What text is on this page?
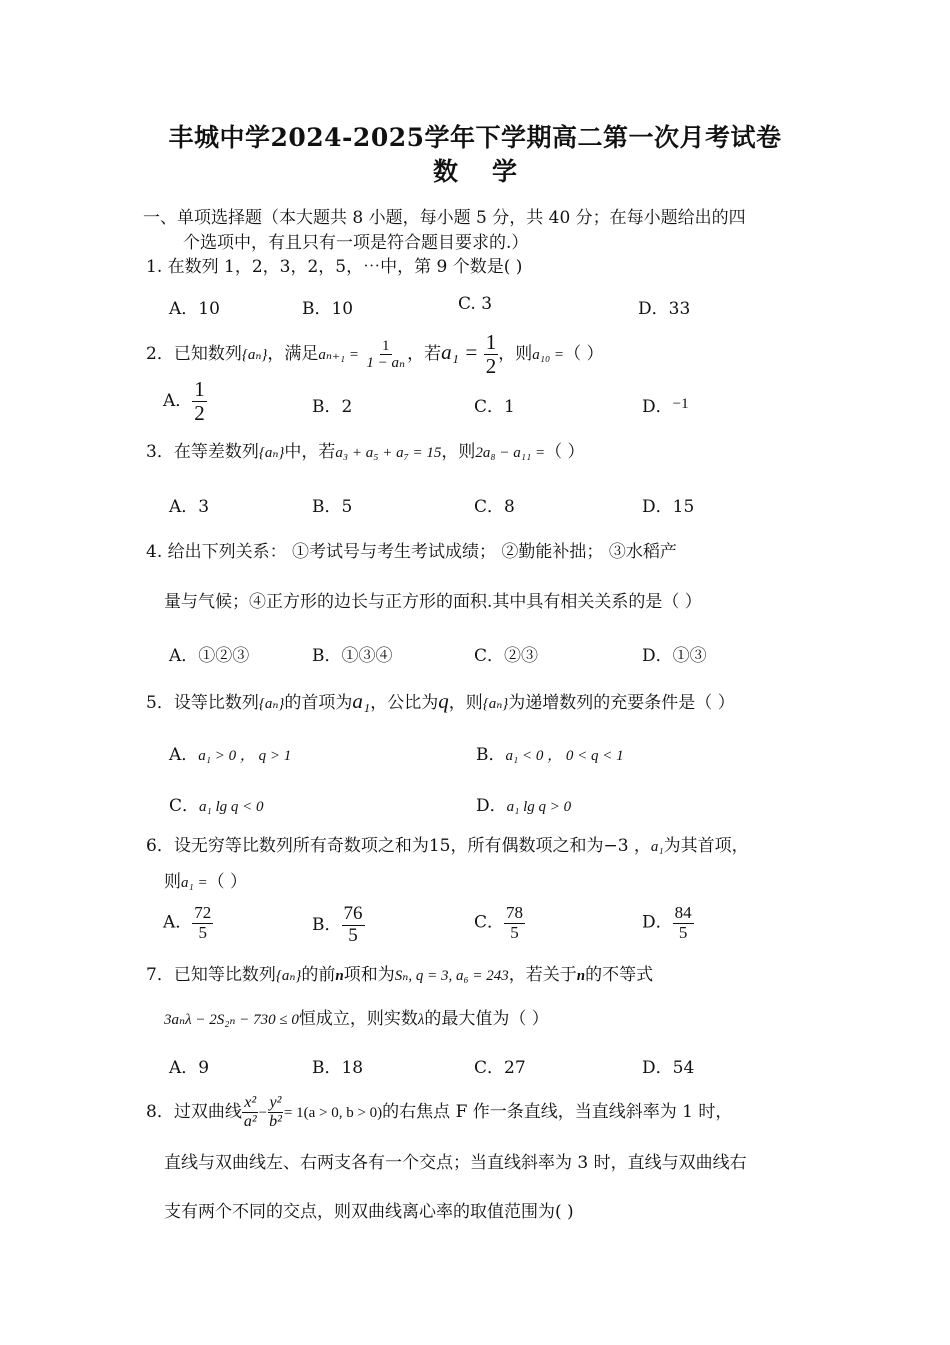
丰城中学2024-2025学年下学期高二第一次月考试卷
数学
一、单项选择题（本大题共 8 小题，每小题 5 分，共 40 分；在每小题给出的四
个选项中，有且只有一项是符合题目要求的.）
1. 在数列 1，2，3，2，5，⋯中，第 9 个数是( )
A．10	B．10	C. 3	D．33
2．已知数列{aₙ}，满足$a_{n+1} = \frac{1}{\text{1 − aₙ}}$ ，若$a_1 = \frac{1}{2}$ ，则a₁₀ =（ ）
A． $\frac{1}{2}$	B．2	C．1	D．−1
3．在等差数列{aₙ}中，若a₃ + a₅ + a₇ = 15，则2a₈ − a₁₁ =（ ）
A．3	B．5	C．8	D．15
4. 给出下列关系： ①考试号与考生考试成绩； ②勤能补拙； ③水稻产
量与气候；④正方形的边长与正方形的面积.其中具有相关关系的是（ ）
A．①②③	B．①③④	C．②③	D．①③
5．设等比数列{aₙ}的首项为a₁，公比为q，则{aₙ}为递增数列的充要条件是（ ）
A．a₁ > 0 ， q > 1	B．a₁ < 0 ， 0 < q < 1
C．a₁ lg q < 0	D．a₁ lg q > 0
6．设无穷等比数列所有奇数项之和为15，所有偶数项之和为−3 ，a₁为其首项，
则a₁ =（ ）
A． $\frac{72}{5}$	B． $\frac{76}{5}$	C． $\frac{78}{5}$	D． $\frac{84}{5}$
7．已知等比数列{aₙ}的前n项和为Sₙ, q = 3, a₆ = 243，若关于n的不等式
3aₙλ − 2S₂ₙ − 730 ≤ 0恒成立，则实数λ的最大值为（ ）
A．9	B．18	C．27	D．54
8．过双曲线 $\frac{\text{x²}}{\text{a²}} - \frac{\text{y²}}{\text{b²}} = 1(a > 0$, b > 0)的右焦点 F 作一条直线，当直线斜率为 1 时，
直线与双曲线左、右两支各有一个交点；当直线斜率为 3 时，直线与双曲线右
支有两个不同的交点，则双曲线离心率的取值范围为( )
